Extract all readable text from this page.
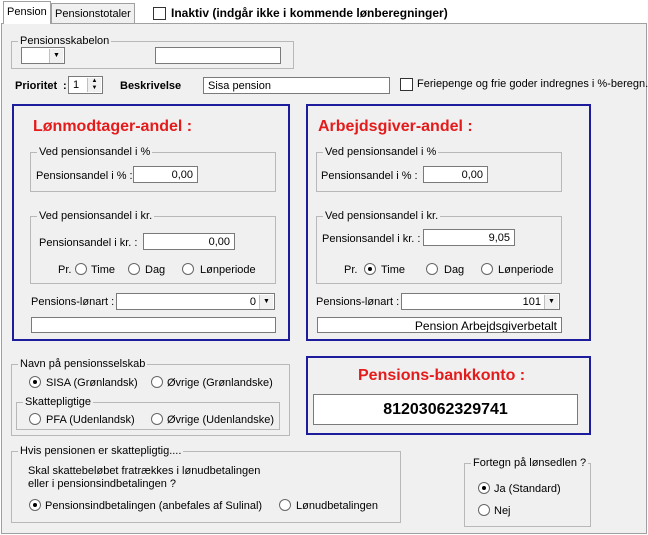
Pension Pensionstotaler	Inaktiv (indgår ikke i kommende lønberegninger)
Pensionsskabelon
▼
Prioritet : 1	▲
▼	Beskrivelse	Sisa pension	Feriepenge og frie goder indregnes i %-beregn.
Lønmodtager-andel :
Ved pensionsandel i %
Pensionsandel i % :	0,00
Ved pensionsandel i kr.
Pensionsandel i kr. :	0,00
Pr. Time	Dag	Lønperiode
Pensions-lønart :	0	▼
Arbejdsgiver-andel :
Ved pensionsandel i %
Pensionsandel i % :	0,00
Ved pensionsandel i kr.
Pensionsandel i kr. :	9,05
Pr. Time	Dag	Lønperiode
Pensions-lønart :	101	▼
Pension Arbejdsgiverbetalt
Navn på pensionsselskab
SISA (Grønlandsk)	Øvrige (Grønlandske)
Skattepligtige
PFA (Udenlandsk)	Øvrige (Udenlandske)
Pensions-bankkonto :
81203062329741
Hvis pensionen er skattepligtig....
Skal skattebeløbet fratrækkes i lønudbetalingen
eller i pensionsindbetalingen ?
Pensionsindbetalingen (anbefales af Sulinal)	Lønudbetalingen
Fortegn på lønsedlen ?
Ja (Standard)
Nej
